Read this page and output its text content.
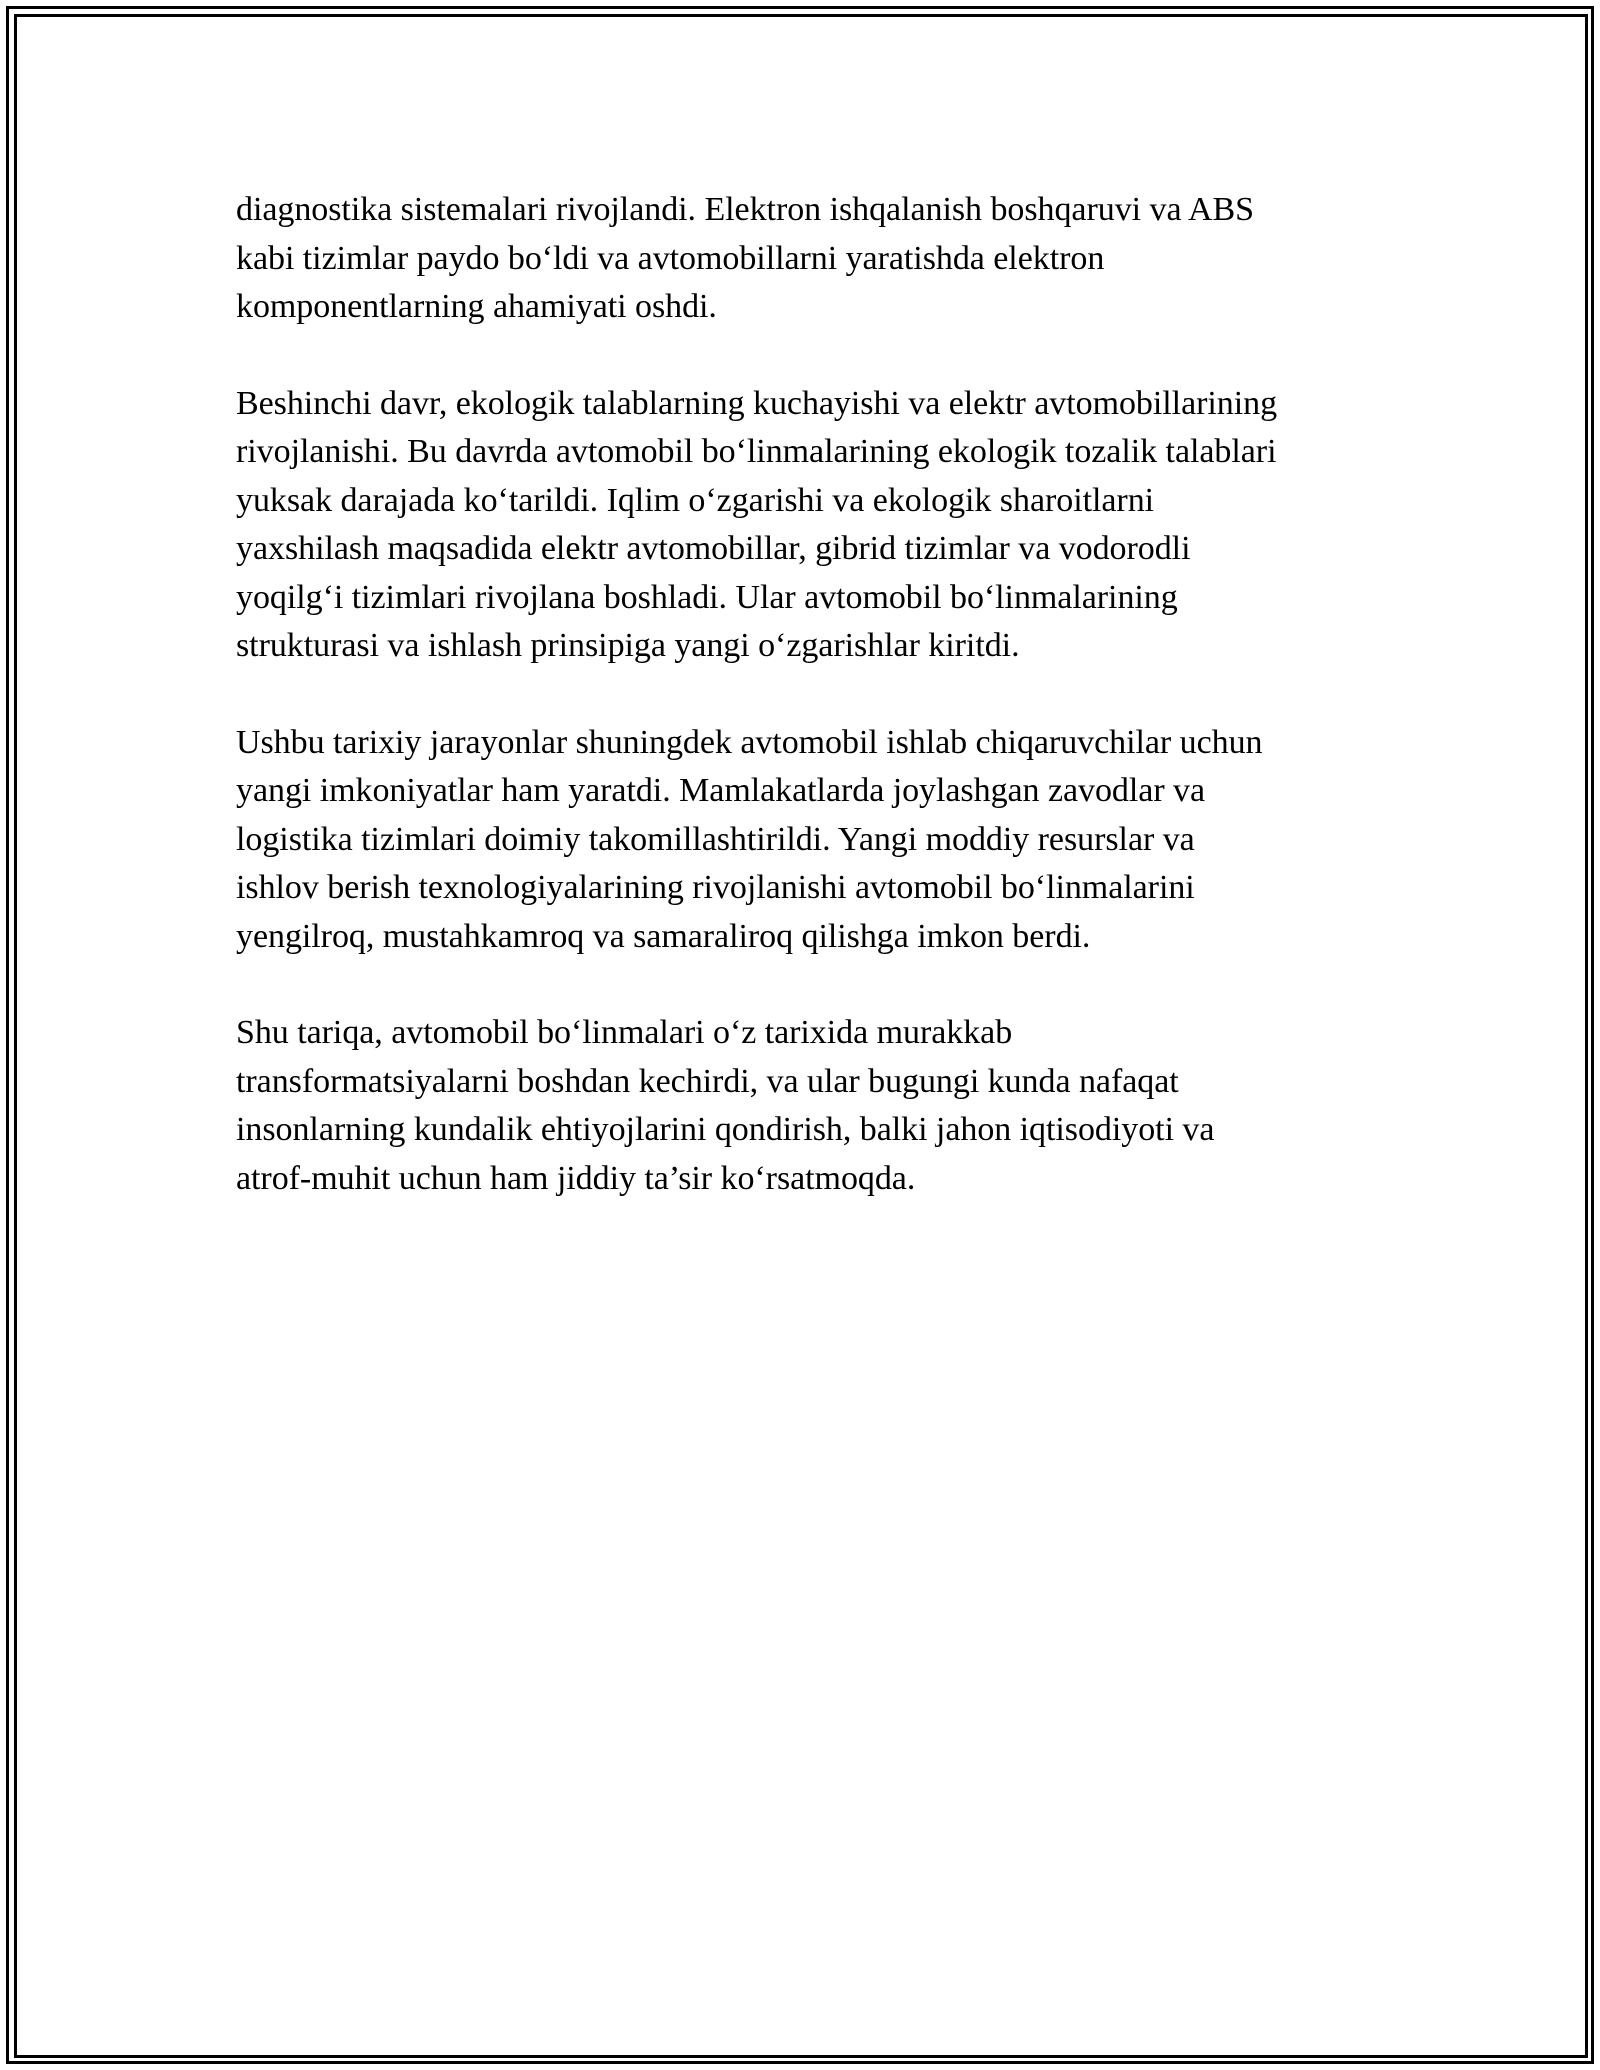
diagnostika sistemalari rivojlandi. Elektron ishqalanish boshqaruvi va ABS
kabi tizimlar paydo bo‘ldi va avtomobillarni yaratishda elektron
komponentlarning ahamiyati oshdi.

Beshinchi davr, ekologik talablarning kuchayishi va elektr avtomobillarining
rivojlanishi. Bu davrda avtomobil bo‘linmalarining ekologik tozalik talablari
yuksak darajada ko‘tarildi. Iqlim o‘zgarishi va ekologik sharoitlarni
yaxshilash maqsadida elektr avtomobillar, gibrid tizimlar va vodorodli
yoqilg‘i tizimlari rivojlana boshladi. Ular avtomobil bo‘linmalarining
strukturasi va ishlash prinsipiga yangi o‘zgarishlar kiritdi.

Ushbu tarixiy jarayonlar shuningdek avtomobil ishlab chiqaruvchilar uchun
yangi imkoniyatlar ham yaratdi. Mamlakatlarda joylashgan zavodlar va
logistika tizimlari doimiy takomillashtirildi. Yangi moddiy resurslar va
ishlov berish texnologiyalarining rivojlanishi avtomobil bo‘linmalarini
yengilroq, mustahkamroq va samaraliroq qilishga imkon berdi.

Shu tariqa, avtomobil bo‘linmalari o‘z tarixida murakkab
transformatsiyalarni boshdan kechirdi, va ular bugungi kunda nafaqat
insonlarning kundalik ehtiyojlarini qondirish, balki jahon iqtisodiyoti va
atrof-muhit uchun ham jiddiy ta’sir ko‘rsatmoqda.
